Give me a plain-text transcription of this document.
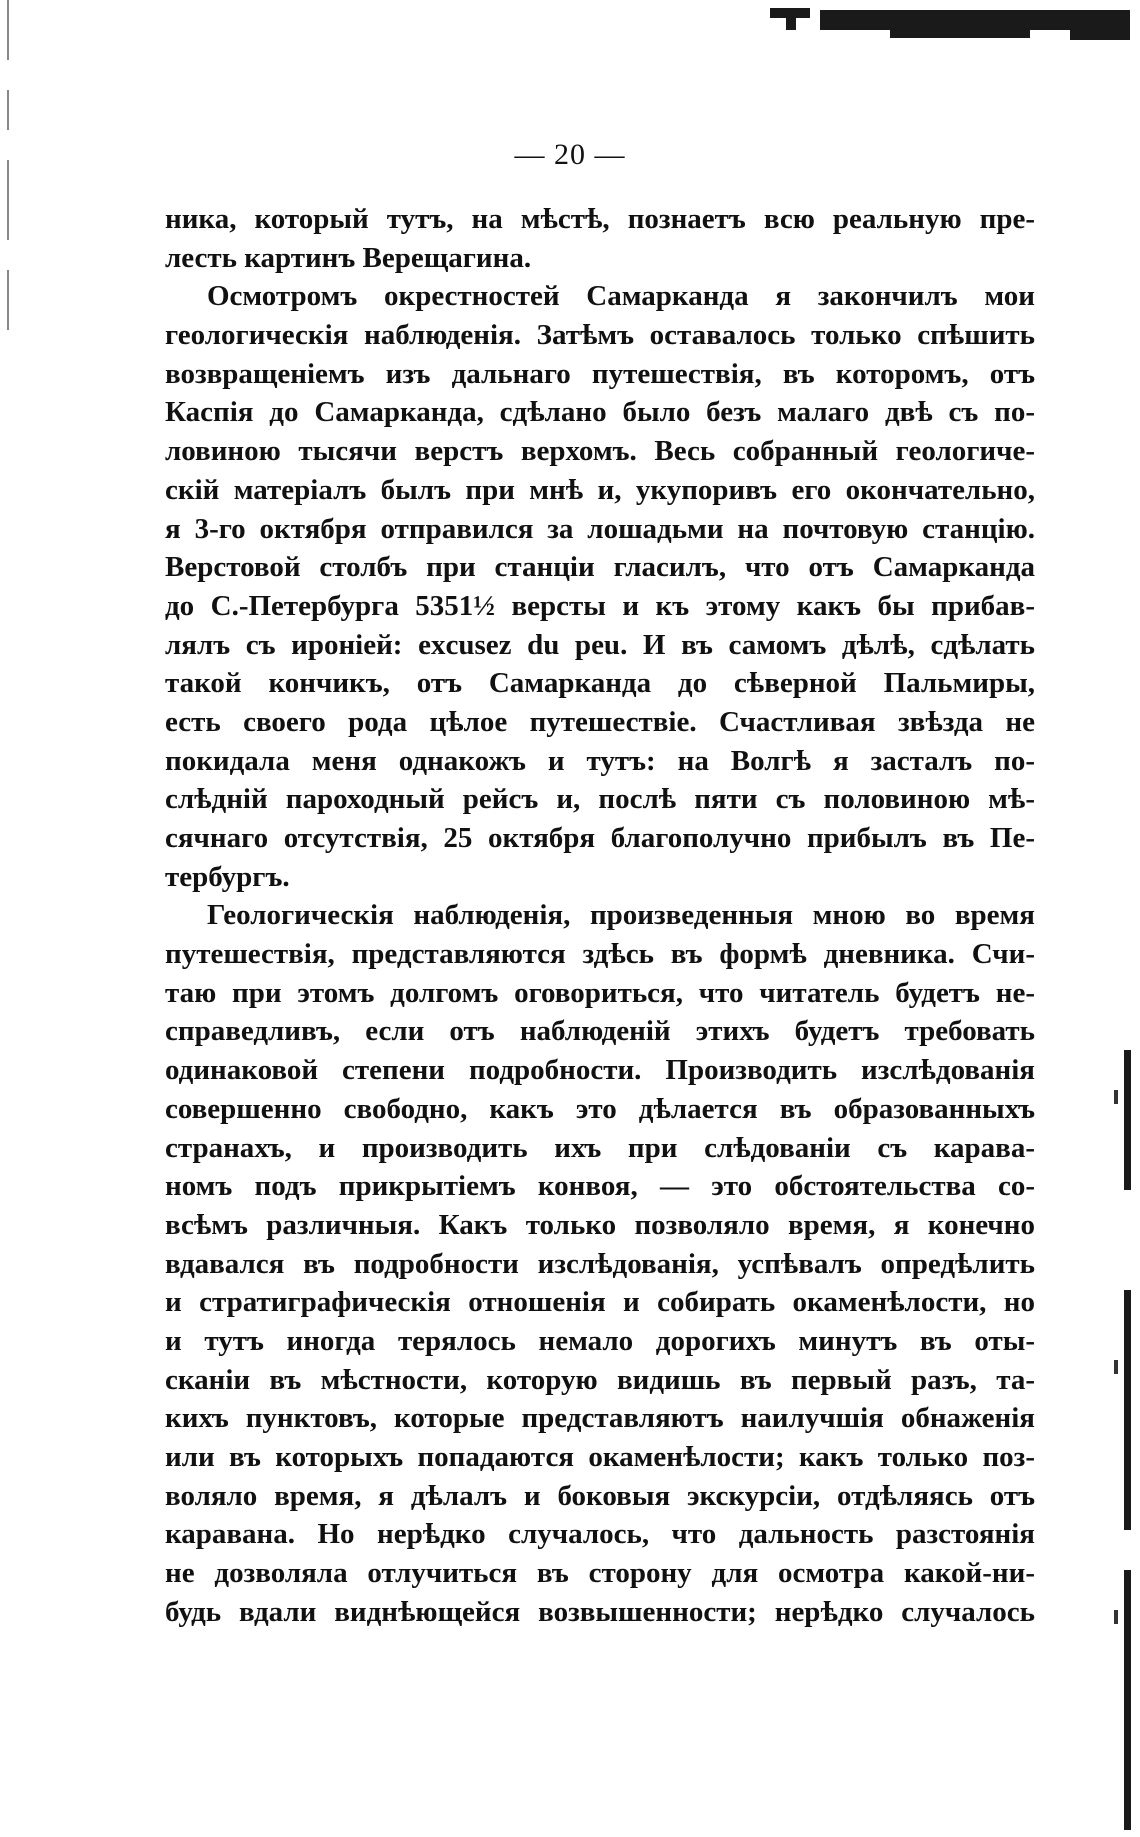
— 20 —
ника, который тутъ, на мѣстѣ, познаетъ всю реальную пре-
лесть картинъ Верещагина.
Осмотромъ окрестностей Самарканда я закончилъ мои
геологическія наблюденія. Затѣмъ оставалось только спѣшить
возвращеніемъ изъ дальнаго путешествія, въ которомъ, отъ
Каспія до Самарканда, сдѣлано было безъ малаго двѣ съ по-
ловиною тысячи верстъ верхомъ. Весь собранный геологиче-
скій матеріалъ былъ при мнѣ и, укупоривъ его окончательно,
я 3-го октября отправился за лошадьми на почтовую станцію.
Верстовой столбъ при станціи гласилъ, что отъ Самарканда
до С.-Петербурга 5351½ версты и къ этому какъ бы прибав-
лялъ съ ироніей: excusez du peu. И въ самомъ дѣлѣ, сдѣлать
такой кончикъ, отъ Самарканда до сѣверной Пальмиры,
есть своего рода цѣлое путешествіе. Счастливая звѣзда не
покидала меня однакожъ и тутъ: на Волгѣ я засталъ по-
слѣдній пароходный рейсъ и, послѣ пяти съ половиною мѣ-
сячнаго отсутствія, 25 октября благополучно прибылъ въ Пе-
тербургъ.
Геологическія наблюденія, произведенныя мною во время
путешествія, представляются здѣсь въ формѣ дневника. Счи-
таю при этомъ долгомъ оговориться, что читатель будетъ не-
справедливъ, если отъ наблюденій этихъ будетъ требовать
одинаковой степени подробности. Производить изслѣдованія
совершенно свободно, какъ это дѣлается въ образованныхъ
странахъ, и производить ихъ при слѣдованіи съ карава-
номъ подъ прикрытіемъ конвоя, — это обстоятельства со-
всѣмъ различныя. Какъ только позволяло время, я конечно
вдавался въ подробности изслѣдованія, успѣвалъ опредѣлить
и стратиграфическія отношенія и собирать окаменѣлости, но
и тутъ иногда терялось немало дорогихъ минутъ въ оты-
сканіи въ мѣстности, которую видишь въ первый разъ, та-
кихъ пунктовъ, которые представляютъ наилучшія обнаженія
или въ которыхъ попадаются окаменѣлости; какъ только поз-
воляло время, я дѣлалъ и боковыя экскурсіи, отдѣляясь отъ
каравана. Но нерѣдко случалось, что дальность разстоянія
не дозволяла отлучиться въ сторону для осмотра какой-ни-
будь вдали виднѣющейся возвышенности; нерѣдко случалось
